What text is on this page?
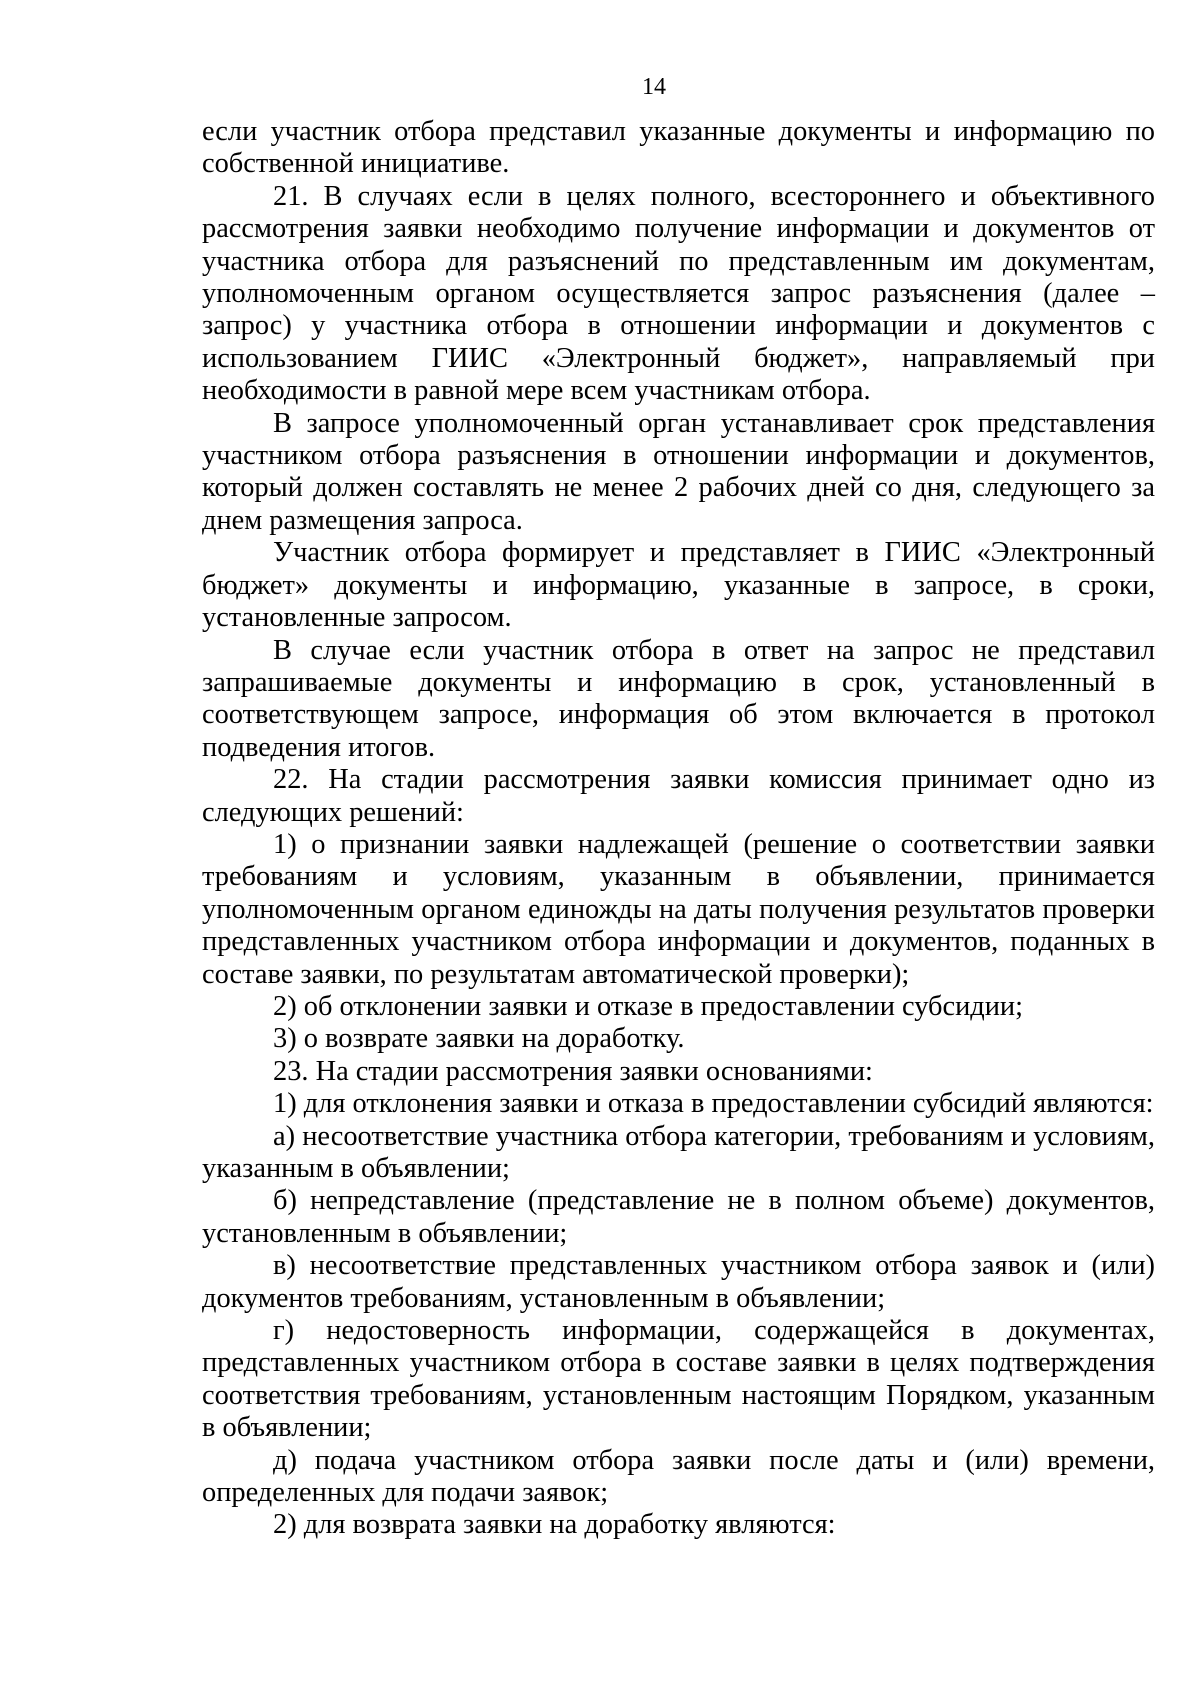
14

если участник отбора представил указанные документы и информацию по собственной инициативе.

21. В случаях если в целях полного, всестороннего и объективного рассмотрения заявки необходимо получение информации и документов от участника отбора для разъяснений по представленным им документам, уполномоченным органом осуществляется запрос разъяснения (далее – запрос) у участника отбора в отношении информации и документов с использованием ГИИС «Электронный бюджет», направляемый при необходимости в равной мере всем участникам отбора.

В запросе уполномоченный орган устанавливает срок представления участником отбора разъяснения в отношении информации и документов, который должен составлять не менее 2 рабочих дней со дня, следующего за днем размещения запроса.

Участник отбора формирует и представляет в ГИИС «Электронный бюджет» документы и информацию, указанные в запросе, в сроки, установленные запросом.

В случае если участник отбора в ответ на запрос не представил запрашиваемые документы и информацию в срок, установленный в соответствующем запросе, информация об этом включается в протокол подведения итогов.

22. На стадии рассмотрения заявки комиссия принимает одно из следующих решений:

1) о признании заявки надлежащей (решение о соответствии заявки требованиям и условиям, указанным в объявлении, принимается уполномоченным органом единожды на даты получения результатов проверки представленных участником отбора информации и документов, поданных в составе заявки, по результатам автоматической проверки);

2) об отклонении заявки и отказе в предоставлении субсидии;

3) о возврате заявки на доработку.

23. На стадии рассмотрения заявки основаниями:

1) для отклонения заявки и отказа в предоставлении субсидий являются:

а) несоответствие участника отбора категории, требованиям и условиям, указанным в объявлении;

б) непредставление (представление не в полном объеме) документов, установленным в объявлении;

в) несоответствие представленных участником отбора заявок и (или) документов требованиям, установленным в объявлении;

г) недостоверность информации, содержащейся в документах, представленных участником отбора в составе заявки в целях подтверждения соответствия требованиям, установленным настоящим Порядком, указанным в объявлении;

д) подача участником отбора заявки после даты и (или) времени, определенных для подачи заявок;

2) для возврата заявки на доработку являются:
